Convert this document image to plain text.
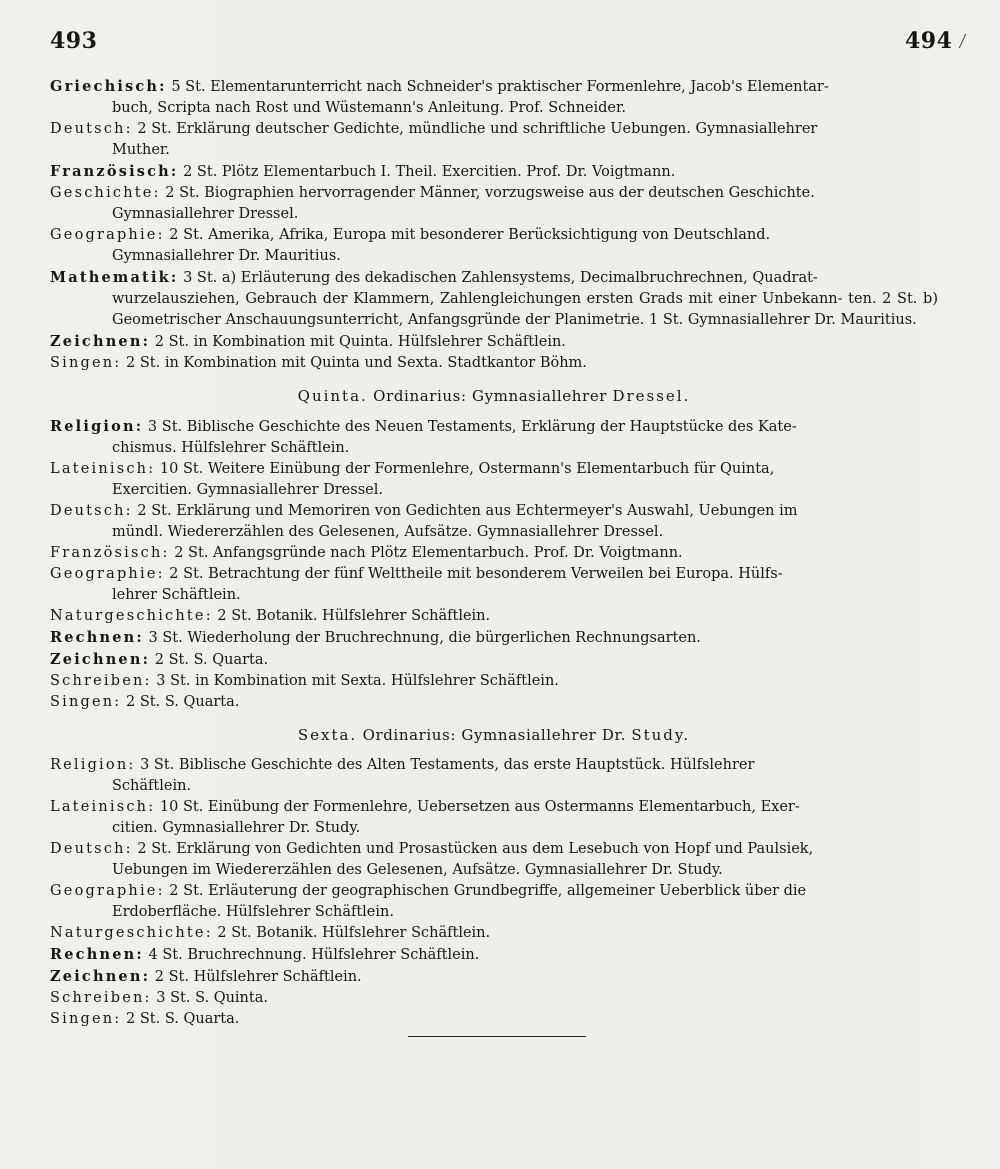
493	494

Griechisch: 5 St. Elementarunterricht nach Schneider's praktischer Formenlehre, Jacob's Elementar-
buch, Scripta nach Rost und Wüstemann's Anleitung. Prof. Schneider.

Deutsch: 2 St. Erklärung deutscher Gedichte, mündliche und schriftliche Uebungen. Gymnasiallehrer
Muther.

Französisch: 2 St. Plötz Elementarbuch I. Theil. Exercitien. Prof. Dr. Voigtmann.

Geschichte: 2 St. Biographien hervorragender Männer, vorzugsweise aus der deutschen Geschichte.
Gymnasiallehrer Dressel.

Geographie: 2 St. Amerika, Afrika, Europa mit besonderer Berücksichtigung von Deutschland.
Gymnasiallehrer Dr. Mauritius.

Mathematik: 3 St. a) Erläuterung des dekadischen Zahlensystems, Decimalbruchrechnen, Quadrat-
wurzelausziehen, Gebrauch der Klammern, Zahlengleichungen ersten Grads mit einer Unbekann- ten. 2 St. b) Geometrischer Anschauungsunterricht, Anfangsgründe der Planimetrie. 1 St. Gymnasiallehrer Dr. Mauritius.

Zeichnen: 2 St. in Kombination mit Quinta. Hülfslehrer Schäftlein.

Singen: 2 St. in Kombination mit Quinta und Sexta. Stadtkantor Böhm.

Quinta. Ordinarius: Gymnasiallehrer Dressel.

Religion: 3 St. Biblische Geschichte des Neuen Testaments, Erklärung der Hauptstücke des Kate-
chismus. Hülfslehrer Schäftlein.

Lateinisch: 10 St. Weitere Einübung der Formenlehre, Ostermann's Elementarbuch für Quinta,
Exercitien. Gymnasiallehrer Dressel.

Deutsch: 2 St. Erklärung und Memoriren von Gedichten aus Echtermeyer's Auswahl, Uebungen im
mündl. Wiedererzählen des Gelesenen, Aufsätze. Gymnasiallehrer Dressel.

Französisch: 2 St. Anfangsgründe nach Plötz Elementarbuch. Prof. Dr. Voigtmann.

Geographie: 2 St. Betrachtung der fünf Welttheile mit besonderem Verweilen bei Europa. Hülfs-
lehrer Schäftlein.

Naturgeschichte: 2 St. Botanik. Hülfslehrer Schäftlein.

Rechnen: 3 St. Wiederholung der Bruchrechnung, die bürgerlichen Rechnungsarten.

Zeichnen: 2 St. S. Quarta.

Schreiben: 3 St. in Kombination mit Sexta. Hülfslehrer Schäftlein.

Singen: 2 St. S. Quarta.

Sexta. Ordinarius: Gymnasiallehrer Dr. Study.

Religion: 3 St. Biblische Geschichte des Alten Testaments, das erste Hauptstück. Hülfslehrer
Schäftlein.

Lateinisch: 10 St. Einübung der Formenlehre, Uebersetzen aus Ostermanns Elementarbuch, Exer-
citien. Gymnasiallehrer Dr. Study.

Deutsch: 2 St. Erklärung von Gedichten und Prosastücken aus dem Lesebuch von Hopf und Paulsiek,
Uebungen im Wiedererzählen des Gelesenen, Aufsätze. Gymnasiallehrer Dr. Study.

Geographie: 2 St. Erläuterung der geographischen Grundbegriffe, allgemeiner Ueberblick über die
Erdoberfläche. Hülfslehrer Schäftlein.

Naturgeschichte: 2 St. Botanik. Hülfslehrer Schäftlein.

Rechnen: 4 St. Bruchrechnung. Hülfslehrer Schäftlein.

Zeichnen: 2 St. Hülfslehrer Schäftlein.

Schreiben: 3 St. S. Quinta.

Singen: 2 St. S. Quarta.
